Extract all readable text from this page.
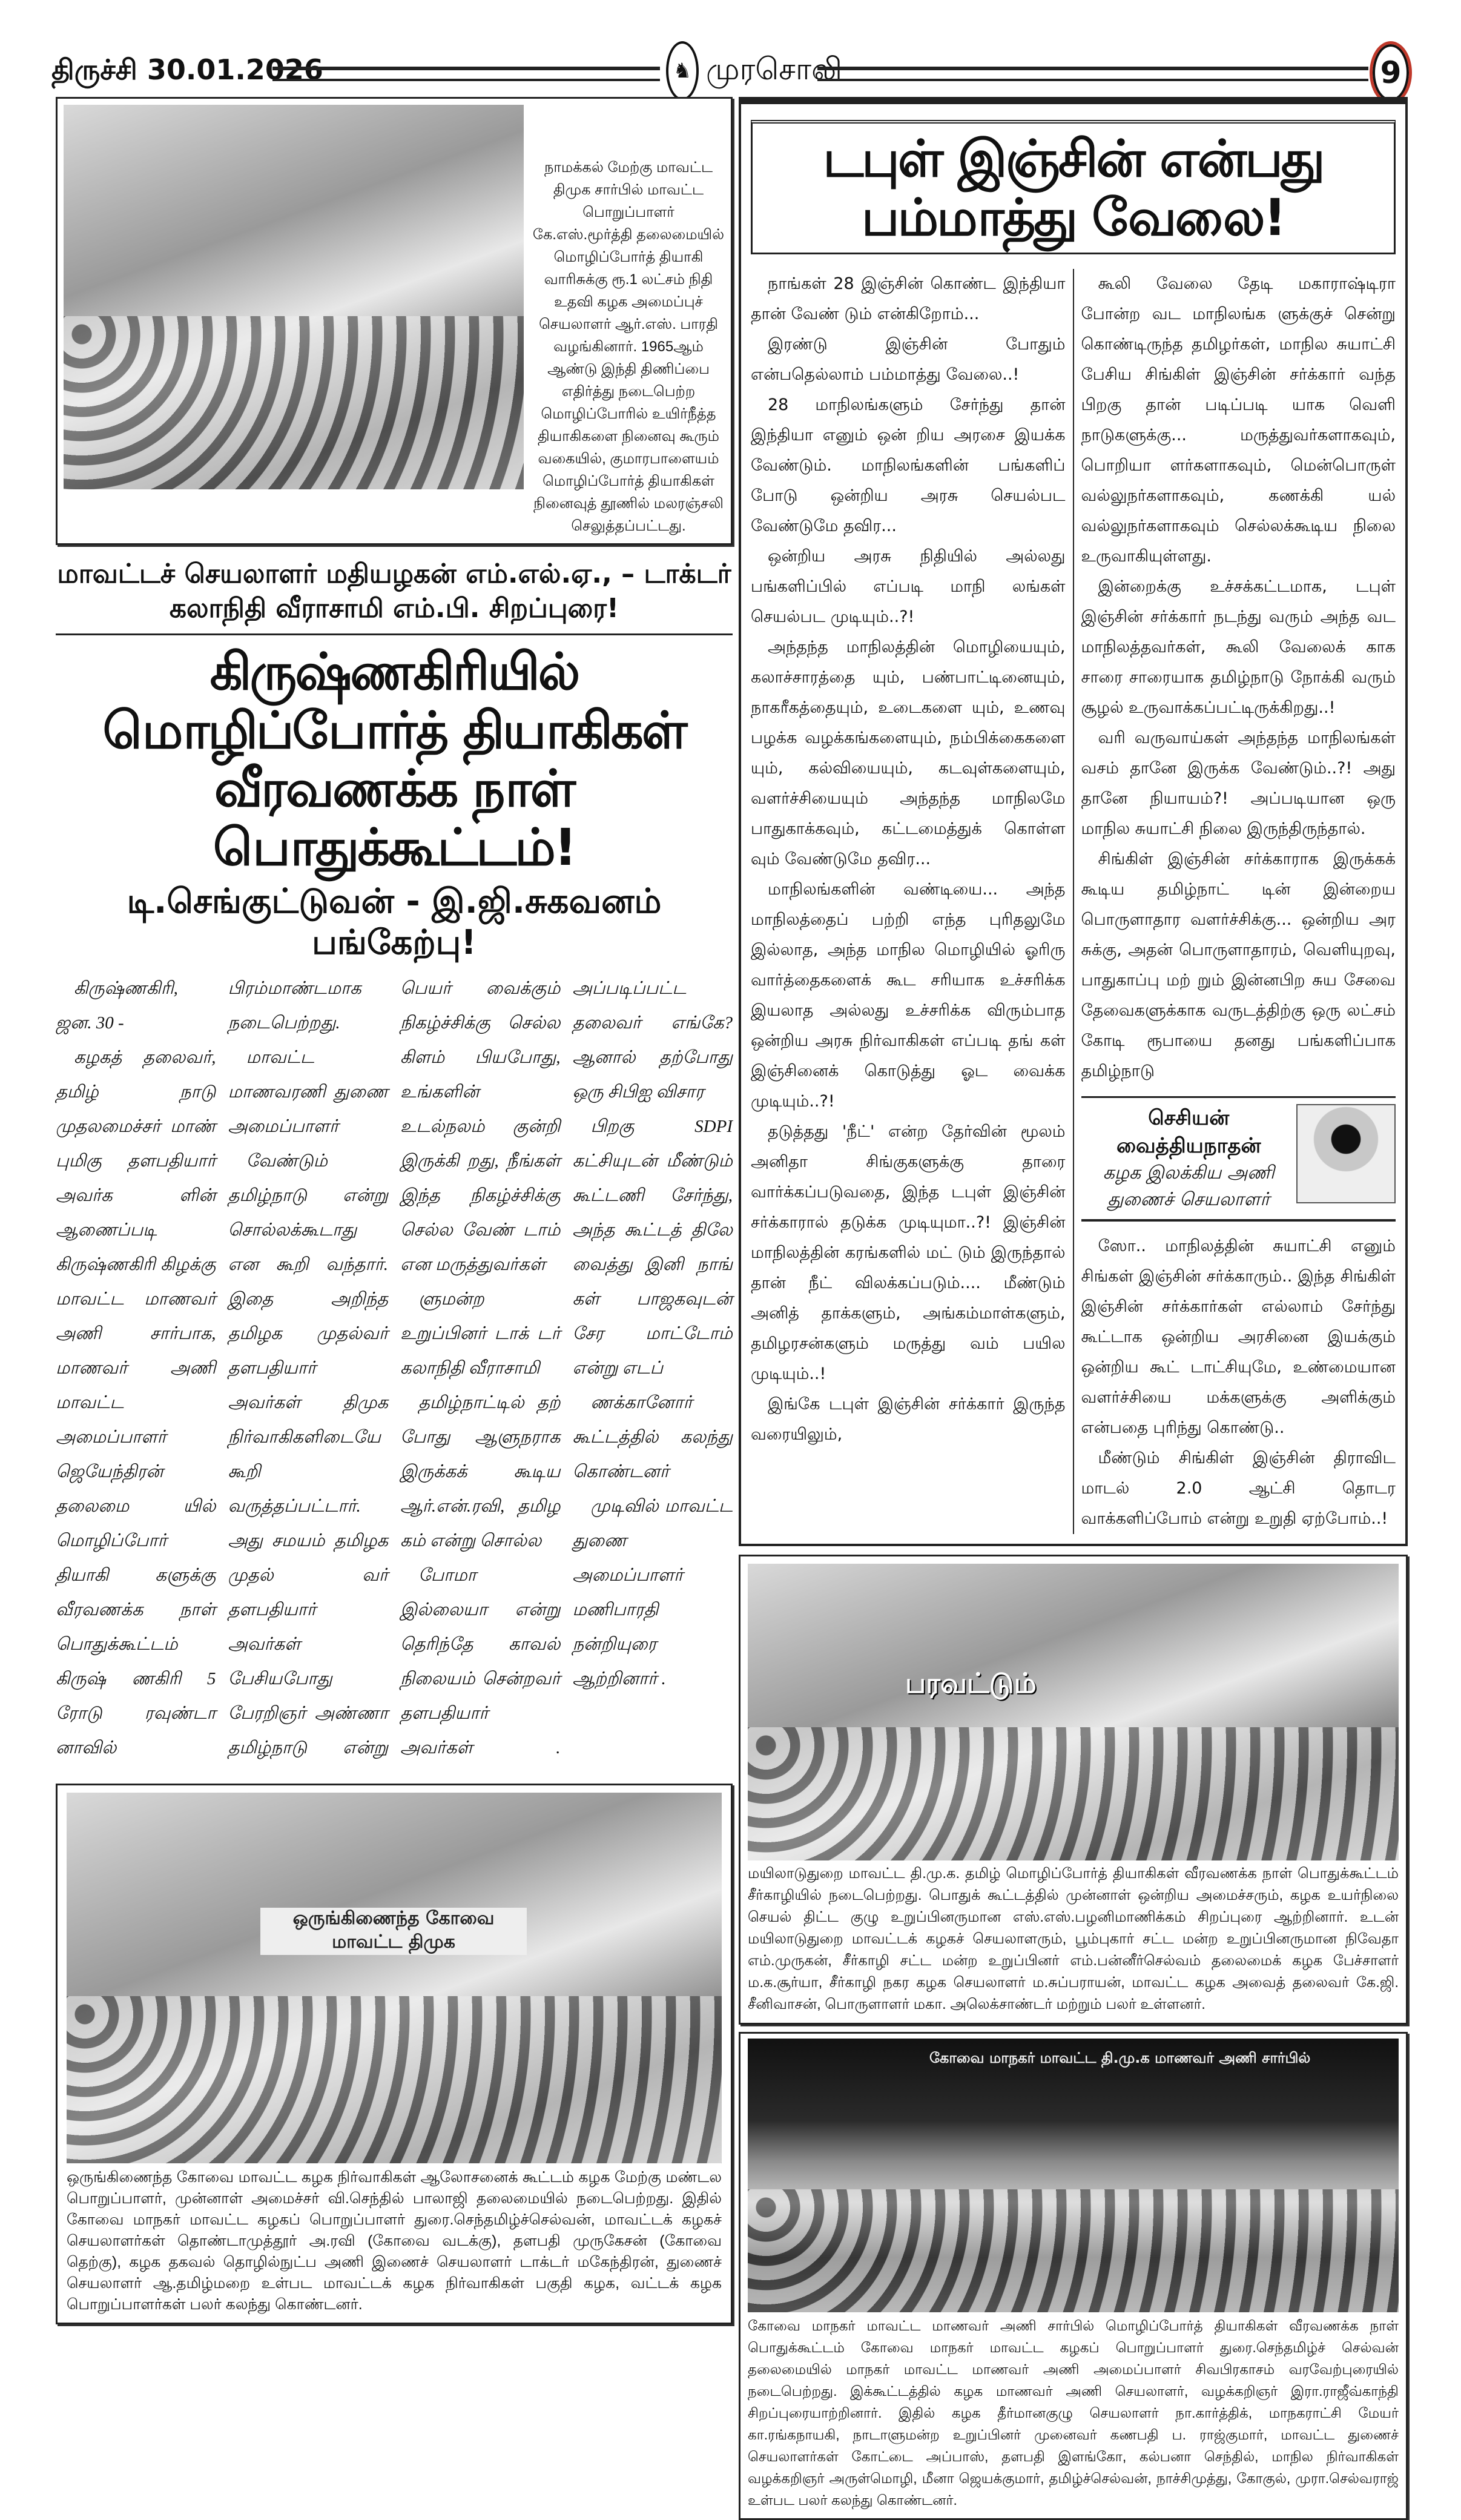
திருச்சி 30.01.2026	♞ முரசொலி	9
நாமக்கல் மேற்கு மாவட்ட திமுக சார்பில் மாவட்ட பொறுப்பாளர் கே.எஸ்.மூர்த்தி தலைமையில் மொழிப்போர்த் தியாகி வாரிசுக்கு ரூ.1 லட்சம் நிதி உதவி கழக அமைப்புச் செயலாளர் ஆர்.எஸ். பாரதி வழங்கினார். 1965ஆம் ஆண்டு இந்தி திணிப்பை எதிர்த்து நடைபெற்ற மொழிப்போரில் உயிர்நீத்த தியாகிகளை நினைவு கூரும் வகையில், குமாரபாளையம் மொழிப்போர்த் தியாகிகள் நினைவுத் தூணில் மலரஞ்சலி செலுத்தப்பட்டது.
மாவட்டச் செயலாளர் மதியழகன் எம்.எல்.ஏ., – டாக்டர் கலாநிதி வீராசாமி எம்.பி. சிறப்புரை!
கிருஷ்ணகிரியில் மொழிப்போர்த் தியாகிகள் வீரவணக்க நாள் பொதுக்கூட்டம்!
டி.செங்குட்டுவன் - இ.ஜி.சுகவனம் பங்கேற்பு!

கிருஷ்ணகிரி, ஜன. 30 -

கழகத் தலைவர், தமிழ் நாடு முதலமைச்சர் மாண் புமிகு தளபதியார் அவர்க ளின் ஆணைப்படி கிருஷ்ணகிரி கிழக்கு மாவட்ட மாணவர் அணி சார்பாக, மாணவர் அணி மாவட்ட அமைப்பாளர் ஜெயேந்திரன் தலைமை யில் மொழிப்போர் தியாகி களுக்கு வீரவணக்க நாள் பொதுக்கூட்டம் கிருஷ் ணகிரி 5 ரோடு ரவுண்டா னாவில் பிரம்மாண்டமாக நடைபெற்றது.

மாவட்ட மாணவரணி துணை அமைப்பாளர்

வேண்டும் தமிழ்நாடு என்று சொல்லக்கூடாது என கூறி வந்தார். இதை அறிந்த தமிழக முதல்வர் தளபதியார் அவர்கள் திமுக நிர்வாகிகளிடையே கூறி வருத்தப்பட்டார். அது சமயம் தமிழக முதல் வர் தளபதியார் அவர்கள் பேசியபோது பேரறிஞர் அண்ணா தமிழ்நாடு என்று பெயர் வைக்கும் நிகழ்ச்சிக்கு செல்ல கிளம் பியபோது, உங்களின் உடல்நலம் குன்றி இருக்கி றது, நீங்கள் இந்த நிகழ்ச்சிக்கு செல்ல வேண் டாம் என மருத்துவர்கள்

ளுமன்ற உறுப்பினர் டாக் டர் கலாநிதி வீராசாமி

தமிழ்நாட்டில் தற் போது ஆளுநராக இருக்கக் கூடிய ஆர்.என்.ரவி, தமிழ கம் என்று சொல்ல

போமா இல்லையா என்று தெரிந்தே காவல் நிலையம் சென்றவர் தளபதியார் அவர்கள் . அப்படிப்பட்ட தலைவர் எங்கே? ஆனால் தற்போது ஒரு சிபிஐ விசார

பிறகு SDPI கட்சியுடன் மீண்டும் கூட்டணி சேர்ந்து, அந்த கூட்டத் திலே வைத்து இனி நாங் கள் பாஜகவுடன் சேர மாட்டோம் என்று எடப்

ணக்கானோர் கூட்டத்தில் கலந்து கொண்டனர்

முடிவில் மாவட்ட துணை அமைப்பாளர் மணிபாரதி நன்றியுரை ஆற்றினார் .

ஒருங்கிணைந்த கோவை மாவட்ட திமுக
ஒருங்கிணைந்த கோவை மாவட்ட கழக நிர்வாகிகள் ஆலோசனைக் கூட்டம் கழக மேற்கு மண்டல பொறுப்பாளர், முன்னாள் அமைச்சர் வி.செந்தில் பாலாஜி தலைமையில் நடைபெற்றது. இதில் கோவை மாநகர் மாவட்ட கழகப் பொறுப்பாளர் துரை.செந்தமிழ்ச்செல்வன், மாவட்டக் கழகச் செயலாளர்கள் தொண்டாமுத்தூர் அ.ரவி (கோவை வடக்கு), தளபதி முருகேசன் (கோவை தெற்கு), கழக தகவல் தொழில்நுட்ப அணி இணைச் செயலாளர் டாக்டர் மகேந்திரன், துணைச் செயலாளர் ஆ.தமிழ்மறை உள்பட மாவட்டக் கழக நிர்வாகிகள் பகுதி கழக, வட்டக் கழக பொறுப்பாளர்கள் பலர் கலந்து கொண்டனர்.
டபுள் இஞ்சின் என்பது பம்மாத்து வேலை!

நாங்கள் 28 இஞ்சின் கொண்ட இந்தியா தான் வேண் டும் என்கிறோம்...

இரண்டு இஞ்சின் போதும் என்பதெல்லாம் பம்மாத்து வேலை..!

28 மாநிலங்களும் சேர்ந்து தான் இந்தியா எனும் ஒன் றிய அரசை இயக்க வேண்டும். மாநிலங்களின் பங்களிப் போடு ஒன்றிய அரசு செயல்பட வேண்டுமே தவிர...

ஒன்றிய அரசு நிதியில் அல்லது பங்களிப்பில் எப்படி மாநி லங்கள் செயல்பட முடியும்..?!

அந்தந்த மாநிலத்தின் மொழியையும், கலாச்சாரத்தை யும், பண்பாட்டினையும், நாகரீகத்தையும், உடைகளை யும், உணவு பழக்க வழக்கங்களையும், நம்பிக்கைகளை யும், கல்வியையும், கடவுள்களையும், வளர்ச்சியையும் அந்தந்த மாநிலமே பாதுகாக்கவும், கட்டமைத்துக் கொள்ள வும் வேண்டுமே தவிர...

மாநிலங்களின் வண்டியை... அந்த மாநிலத்தைப் பற்றி எந்த புரிதலுமே இல்லாத, அந்த மாநில மொழியில் ஓரிரு வார்த்தைகளைக் கூட சரியாக உச்சரிக்க இயலாத அல்லது உச்சரிக்க விரும்பாத ஒன்றிய அரசு நிர்வாகிகள் எப்படி தங் கள் இஞ்சினைக் கொடுத்து ஓட வைக்க முடியும்..?!

தடுத்தது 'நீட்' என்ற தேர்வின் மூலம் அனிதா சிங்குகளுக்கு தாரை வார்க்கப்படுவதை, இந்த டபுள் இஞ்சின் சர்க்காரால் தடுக்க முடியுமா..?! இஞ்சின் மாநிலத்தின் கரங்களில் மட் டும் இருந்தால் தான் நீட் விலக்கப்படும்.... மீண்டும் அனித் தாக்களும், அங்கம்மாள்களும், தமிழரசன்களும் மருத்து வம் பயில முடியும்..!

இங்கே டபுள் இஞ்சின் சர்க்கார் இருந்த வரையிலும்,

கூலி வேலை தேடி மகாராஷ்டிரா போன்ற வட மாநிலங்க ளுக்குச் சென்று கொண்டிருந்த தமிழர்கள், மாநில சுயாட்சி பேசிய சிங்கிள் இஞ்சின் சர்க்கார் வந்த பிறகு தான் படிப்படி யாக வெளி நாடுகளுக்கு... மருத்துவர்களாகவும், பொறியா ளர்களாகவும், மென்பொருள் வல்லுநர்களாகவும், கணக்கி யல் வல்லுநர்களாகவும் செல்லக்கூடிய நிலை உருவாகியுள்ளது.

இன்றைக்கு உச்சக்கட்டமாக, டபுள் இஞ்சின் சர்க்கார் நடந்து வரும் அந்த வட மாநிலத்தவர்கள், கூலி வேலைக் காக சாரை சாரையாக தமிழ்நாடு நோக்கி வரும் சூழல் உருவாக்கப்பட்டிருக்கிறது..!

வரி வருவாய்கள் அந்தந்த மாநிலங்கள் வசம் தானே இருக்க வேண்டும்..?! அது தானே நியாயம்?! அப்படியான ஒரு மாநில சுயாட்சி நிலை இருந்திருந்தால்.

சிங்கிள் இஞ்சின் சர்க்காராக இருக்கக் கூடிய தமிழ்நாட் டின் இன்றைய பொருளாதார வளர்ச்சிக்கு... ஒன்றிய அர சுக்கு, அதன் பொருளாதாரம், வெளியுறவு, பாதுகாப்பு மற் றும் இன்னபிற சுய சேவை தேவைகளுக்காக வருடத்திற்கு ஒரு லட்சம் கோடி ரூபாயை தனது பங்களிப்பாக தமிழ்நாடு

செசியன்
வைத்தியநாதன்
கழக இலக்கிய அணி
துணைச் செயலாளர்

ஸோ.. மாநிலத்தின் சுயாட்சி எனும் சிங்கள் இஞ்சின் சர்க்காரும்.. இந்த சிங்கிள் இஞ்சின் சர்க்கார்கள் எல்லாம் சேர்ந்து கூட்டாக ஒன்றிய அரசினை இயக்கும் ஒன்றிய கூட் டாட்சியுமே, உண்மையான வளர்ச்சியை மக்களுக்கு அளிக்கும் என்பதை புரிந்து கொண்டு..

மீண்டும் சிங்கிள் இஞ்சின் திராவிட மாடல் 2.0 ஆட்சி தொடர வாக்களிப்போம் என்று உறுதி ஏற்போம்..!

பரவட்டும்
மயிலாடுதுறை மாவட்ட தி.மு.க. தமிழ் மொழிப்போர்த் தியாகிகள் வீரவணக்க நாள் பொதுக்கூட்டம் சீர்காழியில் நடைபெற்றது. பொதுக் கூட்டத்தில் முன்னாள் ஒன்றிய அமைச்சரும், கழக உயர்நிலை செயல் திட்ட குழு உறுப்பினருமான எஸ்.எஸ்.பழனிமாணிக்கம் சிறப்புரை ஆற்றினார். உடன் மயிலாடுதுறை மாவட்டக் கழகச் செயலாளரும், பூம்புகார் சட்ட மன்ற உறுப்பினருமான நிவேதா எம்.முருகன், சீர்காழி சட்ட மன்ற உறுப்பினர் எம்.பன்னீர்செல்வம் தலைமைக் கழக பேச்சாளர் ம.க.சூர்யா, சீர்காழி நகர கழக செயலாளர் ம.சுப்பராயன், மாவட்ட கழக அவைத் தலைவர் கே.ஜி. சீனிவாசன், பொருளாளர் மகா. அலெக்சாண்டர் மற்றும் பலர் உள்ளனர்.
கோவை மாநகர் மாவட்ட தி.மு.க மாணவர் அணி சார்பில்
கோவை மாநகர் மாவட்ட மாணவர் அணி சார்பில் மொழிப்போர்த் தியாகிகள் வீரவணக்க நாள் பொதுக்கூட்டம் கோவை மாநகர் மாவட்ட கழகப் பொறுப்பாளர் துரை.செந்தமிழ்ச் செல்வன் தலைமையில் மாநகர் மாவட்ட மாணவர் அணி அமைப்பாளர் சிவபிரகாசம் வரவேற்புரையில் நடைபெற்றது. இக்கூட்டத்தில் கழக மாணவர் அணி செயலாளர், வழக்கறிஞர் இரா.ராஜீவ்காந்தி சிறப்புரையாற்றினார். இதில் கழக தீர்மானகுழு செயலாளர் நா.கார்த்திக், மாநகராட்சி மேயர் கா.ரங்கநாயகி, நாடாளுமன்ற உறுப்பினர் முனைவர் கணபதி ப. ராஜ்குமார், மாவட்ட துணைச் செயலாளர்கள் கோட்டை அப்பாஸ், தளபதி இளங்கோ, கல்பனா செந்தில், மாநில நிர்வாகிகள் வழக்கறிஞர் அருள்மொழி, மீனா ஜெயக்குமார், தமிழ்ச்செல்வன், நாச்சிமுத்து, கோகுல், முரா.செல்வராஜ் உள்பட பலர் கலந்து கொண்டனர்.
